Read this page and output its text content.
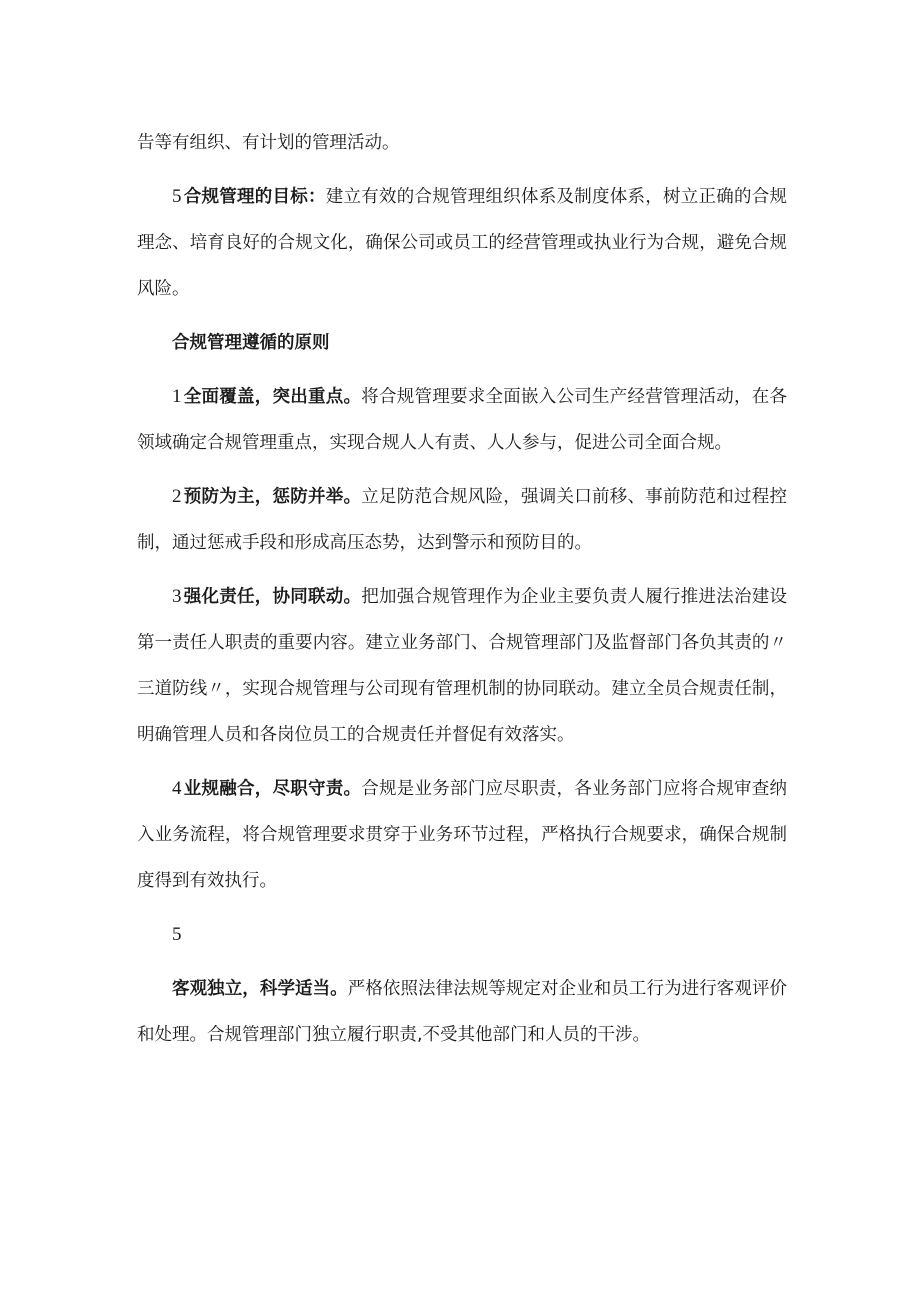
告等有组织、有计划的管理活动。

5 合规管理的目标：建立有效的合规管理组织体系及制度体系，树立正确的合规理念、培育良好的合规文化，确保公司或员工的经营管理或执业行为合规，避免合规风险。

合规管理遵循的原则

1 全面覆盖，突出重点。将合规管理要求全面嵌入公司生产经营管理活动，在各领域确定合规管理重点，实现合规人人有责、人人参与，促进公司全面合规。

2 预防为主，惩防并举。立足防范合规风险，强调关口前移、事前防范和过程控制，通过惩戒手段和形成高压态势，达到警示和预防目的。

3 强化责任，协同联动。把加强合规管理作为企业主要负责人履行推进法治建设第一责任人职责的重要内容。建立业务部门、合规管理部门及监督部门各负其责的〃三道防线〃，实现合规管理与公司现有管理机制的协同联动。建立全员合规责任制，明确管理人员和各岗位员工的合规责任并督促有效落实。

4 业规融合，尽职守责。合规是业务部门应尽职责，各业务部门应将合规审查纳入业务流程，将合规管理要求贯穿于业务环节过程，严格执行合规要求，确保合规制度得到有效执行。

5

客观独立，科学适当。严格依照法律法规等规定对企业和员工行为进行客观评价和处理。合规管理部门独立履行职责,不受其他部门和人员的干涉。
